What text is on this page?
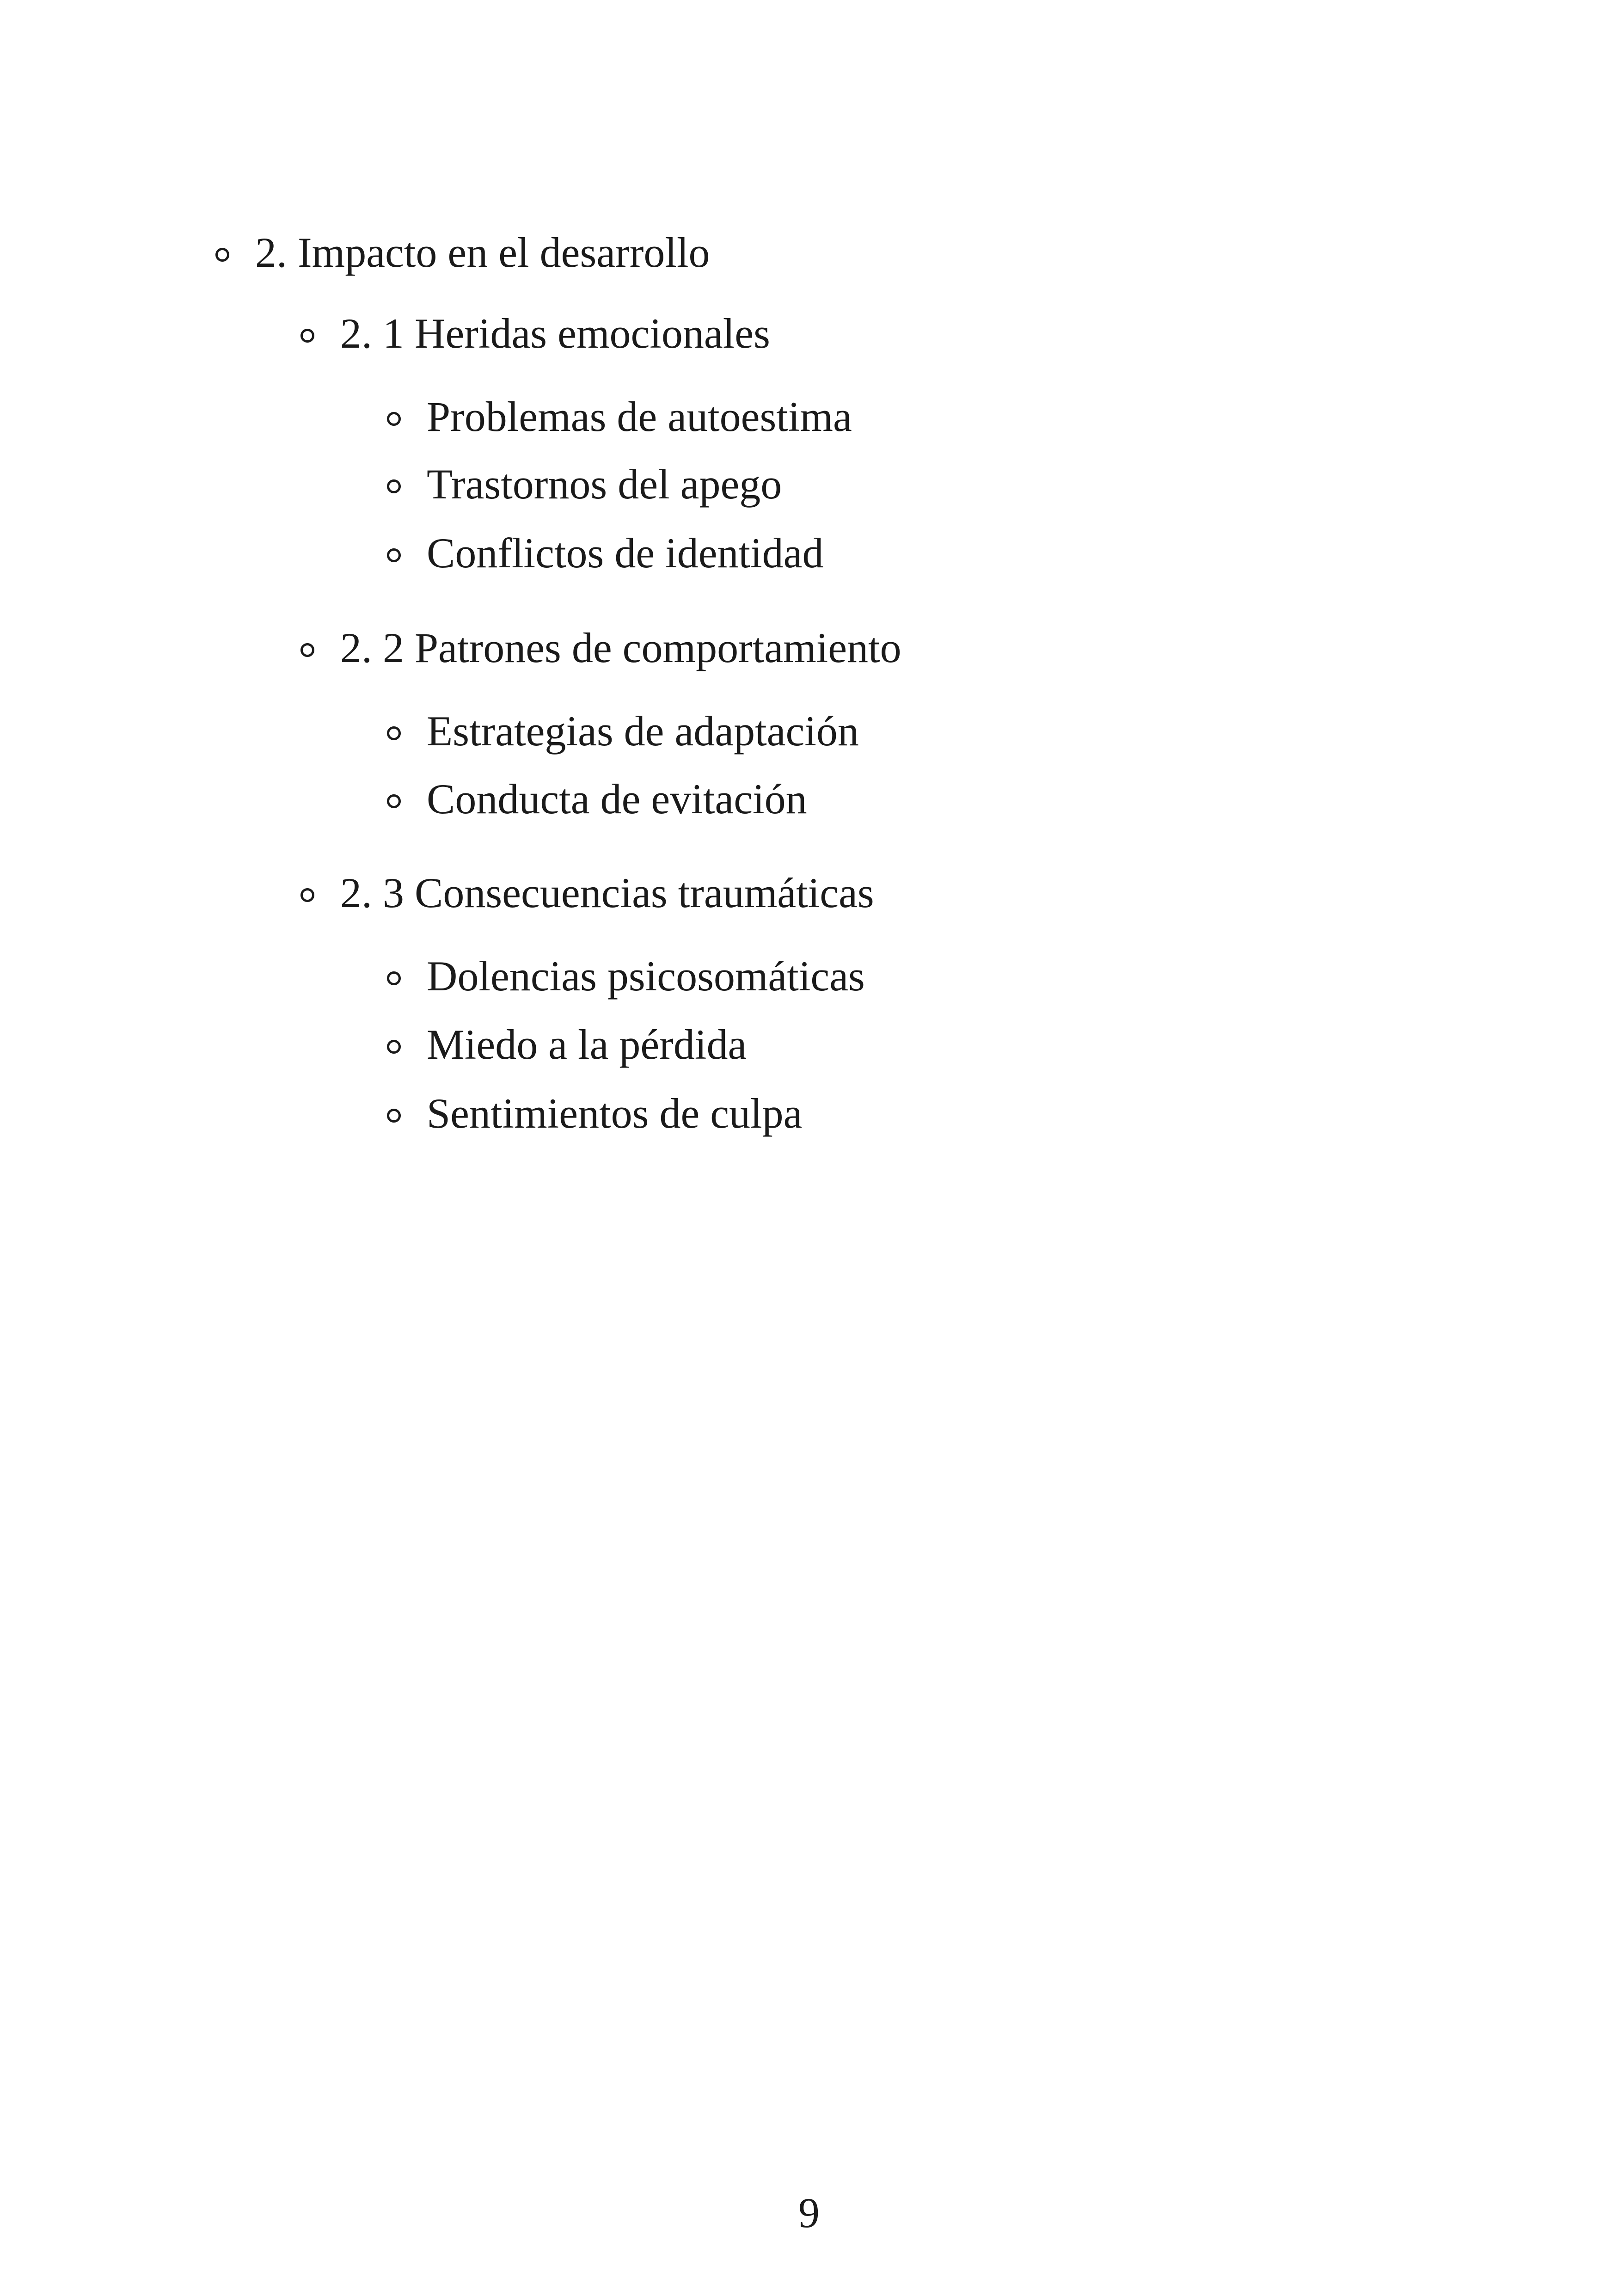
2. Impacto en el desarrollo
2. 1 Heridas emocionales
Problemas de autoestima
Trastornos del apego
Conflictos de identidad
2. 2 Patrones de comportamiento
Estrategias de adaptación
Conducta de evitación
2. 3 Consecuencias traumáticas
Dolencias psicosomáticas
Miedo a la pérdida
Sentimientos de culpa
9
